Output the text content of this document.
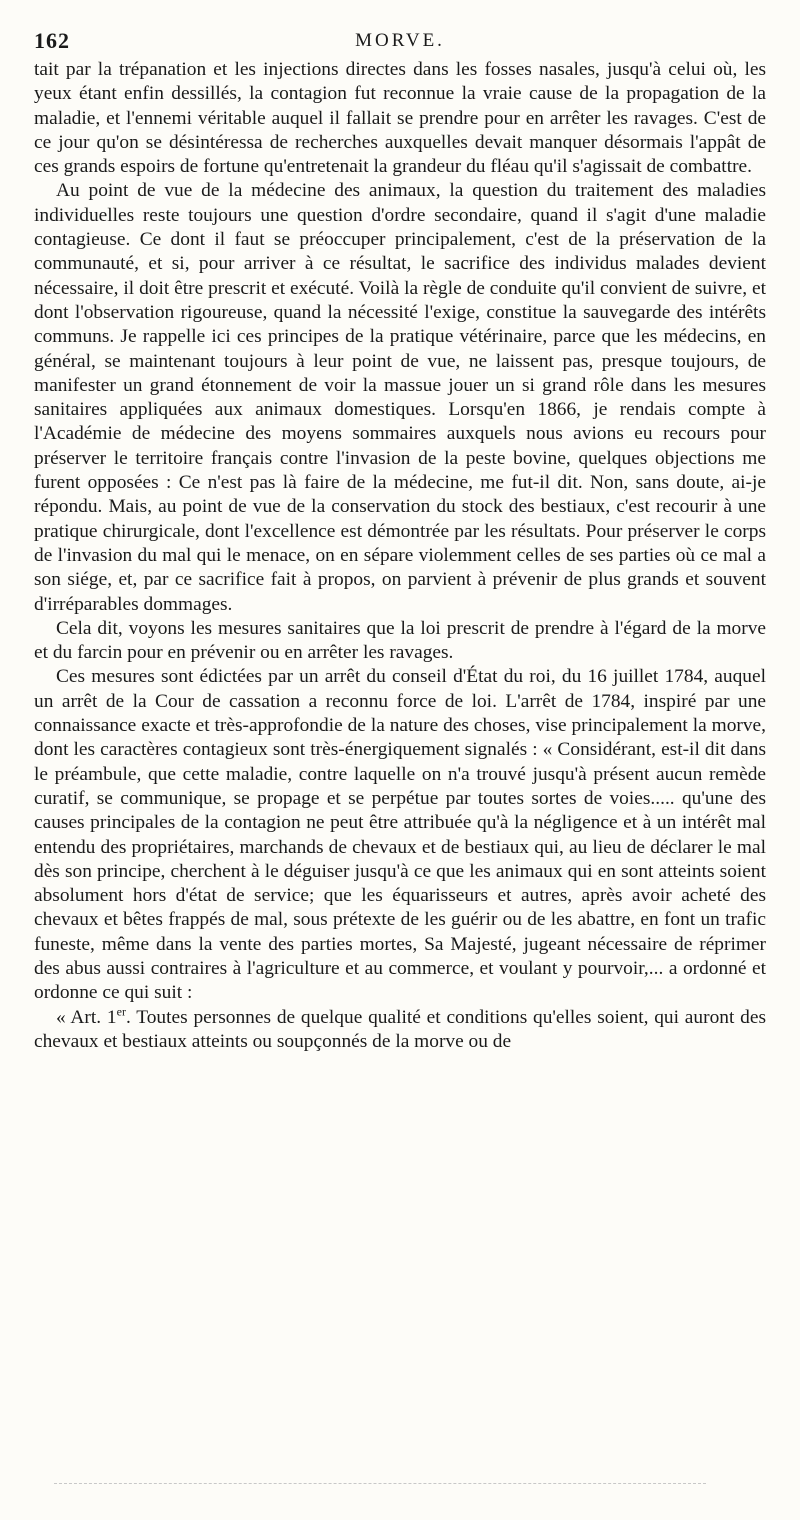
162	MORVE.

tait par la trépanation et les injections directes dans les fosses nasales, jusqu'à celui où, les yeux étant enfin dessillés, la contagion fut reconnue la vraie cause de la propagation de la maladie, et l'ennemi véritable auquel il fallait se prendre pour en arrêter les ravages. C'est de ce jour qu'on se désintéressa de recherches auxquelles devait manquer désormais l'appât de ces grands espoirs de fortune qu'entretenait la grandeur du fléau qu'il s'agissait de combattre.

Au point de vue de la médecine des animaux, la question du traitement des maladies individuelles reste toujours une question d'ordre secondaire, quand il s'agit d'une maladie contagieuse. Ce dont il faut se préoccuper principalement, c'est de la préservation de la communauté, et si, pour arriver à ce résultat, le sacrifice des individus malades devient nécessaire, il doit être prescrit et exécuté. Voilà la règle de conduite qu'il convient de suivre, et dont l'observation rigoureuse, quand la nécessité l'exige, constitue la sauvegarde des intérêts communs. Je rappelle ici ces principes de la pratique vétérinaire, parce que les médecins, en général, se maintenant toujours à leur point de vue, ne laissent pas, presque toujours, de manifester un grand étonnement de voir la massue jouer un si grand rôle dans les mesures sanitaires appliquées aux animaux domestiques. Lorsqu'en 1866, je rendais compte à l'Académie de médecine des moyens sommaires auxquels nous avions eu recours pour préserver le territoire français contre l'invasion de la peste bovine, quelques objections me furent opposées : Ce n'est pas là faire de la médecine, me fut-il dit. Non, sans doute, ai-je répondu. Mais, au point de vue de la conservation du stock des bestiaux, c'est recourir à une pratique chirurgicale, dont l'excellence est démontrée par les résultats. Pour préserver le corps de l'invasion du mal qui le menace, on en sépare violemment celles de ses parties où ce mal a son siége, et, par ce sacrifice fait à propos, on parvient à prévenir de plus grands et souvent d'irréparables dommages.

Cela dit, voyons les mesures sanitaires que la loi prescrit de prendre à l'égard de la morve et du farcin pour en prévenir ou en arrêter les ravages.

Ces mesures sont édictées par un arrêt du conseil d'État du roi, du 16 juillet 1784, auquel un arrêt de la Cour de cassation a reconnu force de loi. L'arrêt de 1784, inspiré par une connaissance exacte et très-approfondie de la nature des choses, vise principalement la morve, dont les caractères contagieux sont très-énergiquement signalés : « Considérant, est-il dit dans le préambule, que cette maladie, contre laquelle on n'a trouvé jusqu'à présent aucun remède curatif, se communique, se propage et se perpétue par toutes sortes de voies..... qu'une des causes principales de la contagion ne peut être attribuée qu'à la négligence et à un intérêt mal entendu des propriétaires, marchands de chevaux et de bestiaux qui, au lieu de déclarer le mal dès son principe, cherchent à le déguiser jusqu'à ce que les animaux qui en sont atteints soient absolument hors d'état de service; que les équarisseurs et autres, après avoir acheté des chevaux et bêtes frappés de mal, sous prétexte de les guérir ou de les abattre, en font un trafic funeste, même dans la vente des parties mortes, Sa Majesté, jugeant nécessaire de réprimer des abus aussi contraires à l'agriculture et au commerce, et voulant y pourvoir,... a ordonné et ordonne ce qui suit :

« Art. 1er. Toutes personnes de quelque qualité et conditions qu'elles soient, qui auront des chevaux et bestiaux atteints ou soupçonnés de la morve ou de
